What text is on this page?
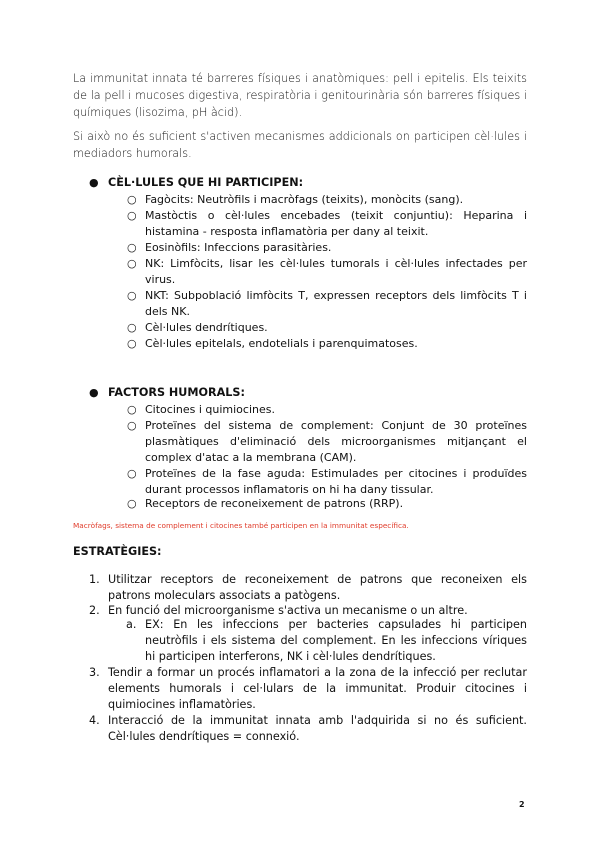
La immunitat innata té barreres físiques i anatòmiques: pell i epitelis. Els teixits de la pell i mucoses digestiva, respiratòria i genitourinària són barreres físiques i químiques (lisozima, pH àcid).

Si això no és suficient s'activen mecanismes addicionals on participen cèl·lules i mediadors humorals.

● CÈL·LULES QUE HI PARTICIPEN:
○ Fagòcits: Neutròfils i macròfags (teixits), monòcits (sang).
○ Mastòctis o cèl·lules encebades (teixit conjuntiu): Heparina i histamina - resposta inflamatòria per dany al teixit.
○ Eosinòfils: Infeccions parasitàries.
○ NK: Limfòcits, lisar les cèl·lules tumorals i cèl·lules infectades per virus.
○ NKT: Subpoblació limfòcits T, expressen receptors dels limfòcits T i dels NK.
○ Cèl·lules dendrítiques.
○ Cèl·lules epitelals, endotelials i parenquimatoses.
● FACTORS HUMORALS:
○ Citocines i quimiocines.
○ Proteïnes del sistema de complement: Conjunt de 30 proteïnes plasmàtiques d'eliminació dels microorganismes mitjançant el complex d'atac a la membrana (CAM).
○ Proteïnes de la fase aguda: Estimulades per citocines i produïdes durant processos inflamatoris on hi ha dany tissular.
○ Receptors de reconeixement de patrons (RRP).
Macròfags, sistema de complement i citocines també participen en la immunitat específica.
ESTRATÈGIES:
1. Utilitzar receptors de reconeixement de patrons que reconeixen els patrons moleculars associats a patògens.
2. En funció del microorganisme s'activa un mecanisme o un altre.
a. EX: En les infeccions per bacteries capsulades hi participen neutròfils i els sistema del complement. En les infeccions víriques hi participen interferons, NK i cèl·lules dendrítiques.
3. Tendir a formar un procés inflamatori a la zona de la infecció per reclutar elements humorals i cel·lulars de la immunitat. Produir citocines i quimiocines inflamatòries.
4. Interacció de la immunitat innata amb l'adquirida si no és suficient. Cèl·lules dendrítiques = connexió.
2
